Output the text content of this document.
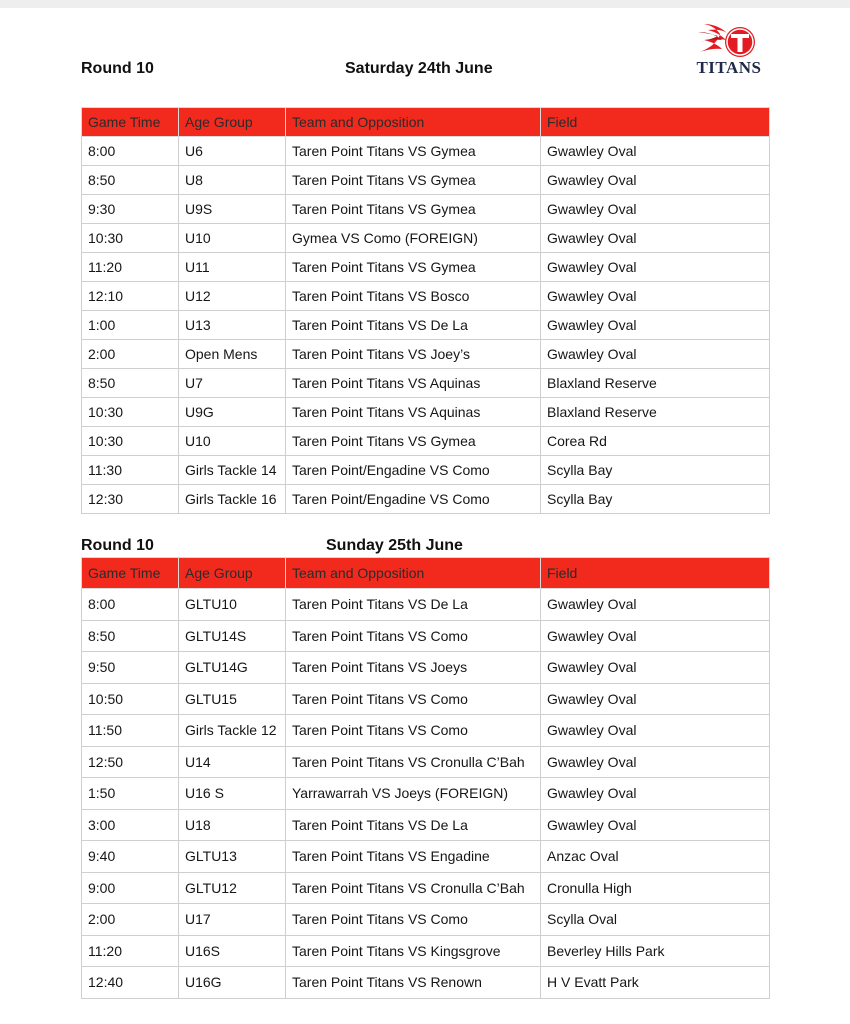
TITANS
Round 10	Saturday 24th June
Game Time	Age Group	Team and Opposition	Field
8:00	U6	Taren Point Titans VS Gymea	Gwawley Oval
8:50	U8	Taren Point Titans VS Gymea	Gwawley Oval
9:30	U9S	Taren Point Titans VS Gymea	Gwawley Oval
10:30	U10	Gymea VS Como (FOREIGN)	Gwawley Oval
11:20	U11	Taren Point Titans VS Gymea	Gwawley Oval
12:10	U12	Taren Point Titans VS Bosco	Gwawley Oval
1:00	U13	Taren Point Titans VS De La	Gwawley Oval
2:00	Open Mens	Taren Point Titans VS Joey’s	Gwawley Oval
8:50	U7	Taren Point Titans VS Aquinas	Blaxland Reserve
10:30	U9G	Taren Point Titans VS Aquinas	Blaxland Reserve
10:30	U10	Taren Point Titans VS Gymea	Corea Rd
11:30	Girls Tackle 14	Taren Point/Engadine VS Como	Scylla Bay
12:30	Girls Tackle 16	Taren Point/Engadine VS Como	Scylla Bay
Round 10	Sunday 25th June
Game Time	Age Group	Team and Opposition	Field
8:00	GLTU10	Taren Point Titans VS De La	Gwawley Oval
8:50	GLTU14S	Taren Point Titans VS Como	Gwawley Oval
9:50	GLTU14G	Taren Point Titans VS Joeys	Gwawley Oval
10:50	GLTU15	Taren Point Titans VS Como	Gwawley Oval
11:50	Girls Tackle 12	Taren Point Titans VS Como	Gwawley Oval
12:50	U14	Taren Point Titans VS Cronulla C’Bah	Gwawley Oval
1:50	U16 S	Yarrawarrah VS Joeys (FOREIGN)	Gwawley Oval
3:00	U18	Taren Point Titans VS De La	Gwawley Oval
9:40	GLTU13	Taren Point Titans VS Engadine	Anzac Oval
9:00	GLTU12	Taren Point Titans VS Cronulla C’Bah	Cronulla High
2:00	U17	Taren Point Titans VS Como	Scylla Oval
11:20	U16S	Taren Point Titans VS Kingsgrove	Beverley Hills Park
12:40	U16G	Taren Point Titans VS Renown	H V Evatt Park
